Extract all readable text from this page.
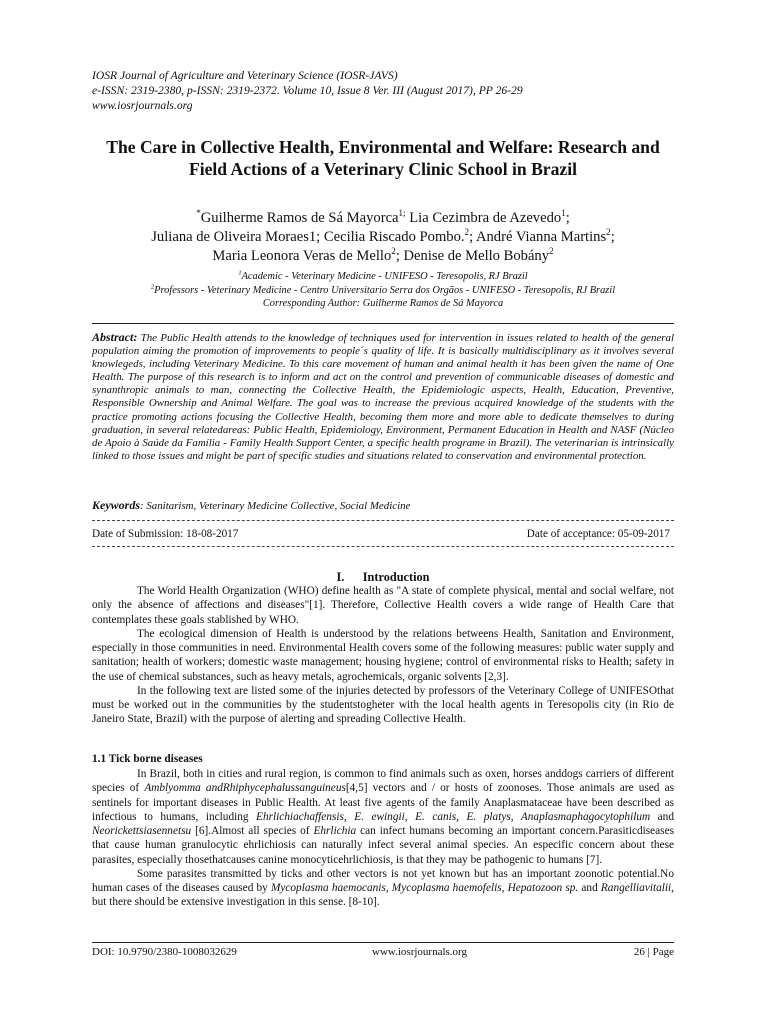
IOSR Journal of Agriculture and Veterinary Science (IOSR-JAVS)
e-ISSN: 2319-2380, p-ISSN: 2319-2372. Volume 10, Issue 8 Ver. III (August 2017), PP 26-29
www.iosrjournals.org
The Care in Collective Health, Environmental and Welfare: Research and Field Actions of a Veterinary Clinic School in Brazil
*Guilherme Ramos de Sá Mayorca$^{1;}$ Lia Cezimbra de Azevedo$^1$;
Juliana de Oliveira Moraes1; Cecilia Riscado Pombo.$^2$; André Vianna Martins$^2$;
Maria Leonora Veras de Mello$^2$; Denise de Mello Bobány$^2$
$^1$Academic - Veterinary Medicine - UNIFESO - Teresopolis, RJ Brazil
$^2$Professors - Veterinary Medicine - Centro Universitario Serra dos Orgãos - UNIFESO - Teresopolis, RJ Brazil
Corresponding Author: Guilherme Ramos de Sá Mayorca
Abstract: The Public Health attends to the knowledge of techniques used for intervention in issues related to health of the general population aiming the promotion of improvements to people´s quality of life. It is basically multidisciplinary as it involves several knowlegeds, including Veterinary Medicine. To this care movement of human and animal health it has been given the name of One Health. The purpose of this research is to inform and act on the control and prevention of communicable diseases of domestic and synanthropic animals to man, connecting the Collective Health, the Epidemiologic aspects, Health, Education, Preventive, Responsible Ownership and Animal Welfare. The goal was to increase the previous acquired knowledge of the students with the practice promoting actions focusing the Collective Health, becoming them more and more able to dedicate themselves to during graduation, in several relatedareas: Public Health, Epidemiology, Environment, Permanent Education in Health and NASF (Núcleo de Apoio à Saúde da Família - Family Health Support Center, a specific health programe in Brazil). The veterinarian is intrinsically linked to those issues and might be part of specific studies and situations related to conservation and environmental protection.
Keywords: Sanitarism, Veterinary Medicine Collective, Social Medicine
Date of Submission: 18-08-2017	Date of acceptance: 05-09-2017
I.      Introduction

The World Health Organization (WHO) define health as "A state of complete physical, mental and social welfare, not only the absence of affections and diseases"[1]. Therefore, Collective Health covers a wide range of Health Care that contemplates these goals stablished by WHO.

The ecological dimension of Health is understood by the relations betweens Health, Sanitation and Environment, especially in those communities in need. Environmental Health covers some of the following measures: public water supply and sanitation; health of workers; domestic waste management; housing hygiene; control of environmental risks to Health; safety in the use of chemical substances, such as heavy metals, agrochemicals, organic solvents [2,3].

In the following text are listed some of the injuries detected by professors of the Veterinary College of UNIFESOthat must be worked out in the communities by the studentstogheter with the local health agents in Teresopolis city (in Rio de Janeiro State, Brazil) with the purpose of alerting and spreading Collective Health.

1.1 Tick borne diseases

In Brazil, both in cities and rural region, is common to find animals such as oxen, horses anddogs carriers of different species of Amblyomma andRhiphycephalussanguineus[4,5] vectors and / or hosts of zoonoses. Those animals are used as sentinels for important diseases in Public Health. At least five agents of the family Anaplasmataceae have been described as infectious to humans, including Ehrlichiachaffensis, E. ewingii, E. canis, E. platys, Anaplasmaphagocytophilum and Neorickettsiasennetsu [6].Almost all species of Ehrlichia can infect humans becoming an important concern.Parasiticdiseases that cause human granulocytic ehrlichiosis can naturally infect several animal species. An especific concern about these parasites, especially thosethatcauses canine monocyticehrlichiosis, is that they may be pathogenic to humans [7].

Some parasites transmitted by ticks and other vectors is not yet known but has an important zoonotic potential.No human cases of the diseases caused by Mycoplasma haemocanis, Mycoplasma haemofelis, Hepatozoon sp. and Rangelliavitalii, but there should be extensive investigation in this sense. [8-10].

DOI: 10.9790/2380-1008032629	www.iosrjournals.org	26 | Page
